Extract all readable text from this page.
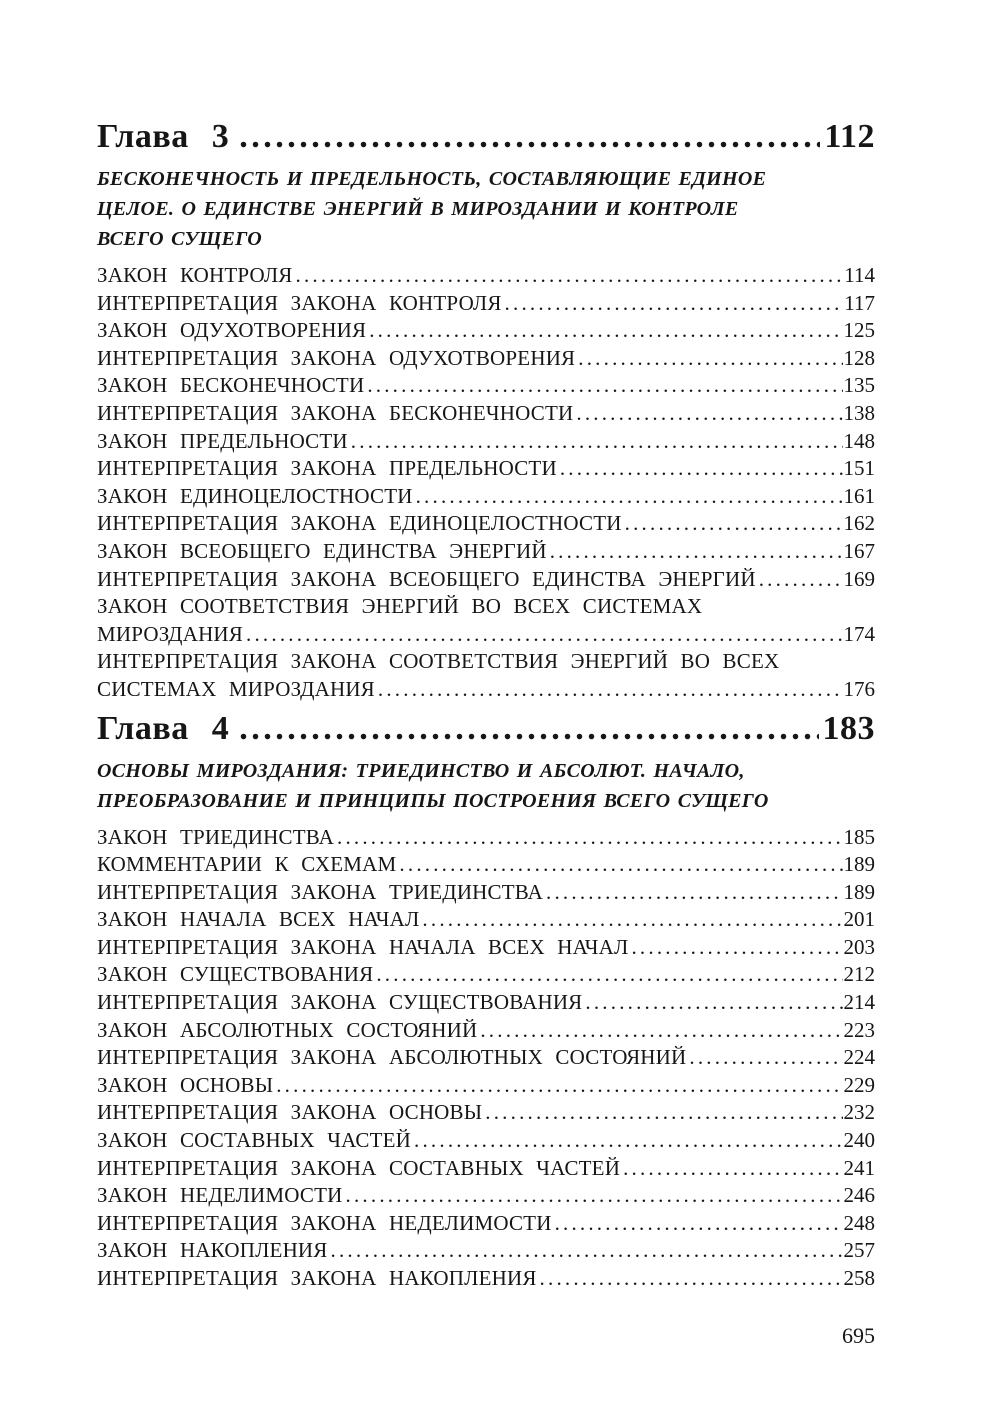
Глава 3 .....	112
БЕСКОНЕЧНОСТЬ И ПРЕДЕЛЬНОСТЬ, СОСТАВЛЯЮЩИЕ ЕДИНОЕ
ЦЕЛОЕ. О ЕДИНСТВЕ ЭНЕРГИЙ В МИРОЗДАНИИ И КОНТРОЛЕ
ВСЕГО СУЩЕГО
ЗАКОН КОНТРОЛЯ .....	114
ИНТЕРПРЕТАЦИЯ ЗАКОНА КОНТРОЛЯ .....	117
ЗАКОН ОДУХОТВОРЕНИЯ .....	125
ИНТЕРПРЕТАЦИЯ ЗАКОНА ОДУХОТВОРЕНИЯ .....	128
ЗАКОН БЕСКОНЕЧНОСТИ .....	135
ИНТЕРПРЕТАЦИЯ ЗАКОНА БЕСКОНЕЧНОСТИ .....	138
ЗАКОН ПРЕДЕЛЬНОСТИ .....	148
ИНТЕРПРЕТАЦИЯ ЗАКОНА ПРЕДЕЛЬНОСТИ .....	151
ЗАКОН ЕДИНОЦЕЛОСТНОСТИ .....	161
ИНТЕРПРЕТАЦИЯ ЗАКОНА ЕДИНОЦЕЛОСТНОСТИ .....	162
ЗАКОН ВСЕОБЩЕГО ЕДИНСТВА ЭНЕРГИЙ .....	167
ИНТЕРПРЕТАЦИЯ ЗАКОНА ВСЕОБЩЕГО ЕДИНСТВА ЭНЕРГИЙ .....	169
ЗАКОН СООТВЕТСТВИЯ ЭНЕРГИЙ ВО ВСЕХ СИСТЕМАХ
МИРОЗДАНИЯ .....	174
ИНТЕРПРЕТАЦИЯ ЗАКОНА СООТВЕТСТВИЯ ЭНЕРГИЙ ВО ВСЕХ
СИСТЕМАХ МИРОЗДАНИЯ .....	176
Глава 4 .....	183
ОСНОВЫ МИРОЗДАНИЯ: ТРИЕДИНСТВО И АБСОЛЮТ. НАЧАЛО,
ПРЕОБРАЗОВАНИЕ И ПРИНЦИПЫ ПОСТРОЕНИЯ ВСЕГО СУЩЕГО
ЗАКОН ТРИЕДИНСТВА .....	185
КОММЕНТАРИИ К СХЕМАМ .....	189
ИНТЕРПРЕТАЦИЯ ЗАКОНА ТРИЕДИНСТВА .....	189
ЗАКОН НАЧАЛА ВСЕХ НАЧАЛ .....	201
ИНТЕРПРЕТАЦИЯ ЗАКОНА НАЧАЛА ВСЕХ НАЧАЛ .....	203
ЗАКОН СУЩЕСТВОВАНИЯ .....	212
ИНТЕРПРЕТАЦИЯ ЗАКОНА СУЩЕСТВОВАНИЯ .....	214
ЗАКОН АБСОЛЮТНЫХ СОСТОЯНИЙ .....	223
ИНТЕРПРЕТАЦИЯ ЗАКОНА АБСОЛЮТНЫХ СОСТОЯНИЙ .....	224
ЗАКОН ОСНОВЫ .....	229
ИНТЕРПРЕТАЦИЯ ЗАКОНА ОСНОВЫ .....	232
ЗАКОН СОСТАВНЫХ ЧАСТЕЙ .....	240
ИНТЕРПРЕТАЦИЯ ЗАКОНА СОСТАВНЫХ ЧАСТЕЙ .....	241
ЗАКОН НЕДЕЛИМОСТИ .....	246
ИНТЕРПРЕТАЦИЯ ЗАКОНА НЕДЕЛИМОСТИ .....	248
ЗАКОН НАКОПЛЕНИЯ .....	257
ИНТЕРПРЕТАЦИЯ ЗАКОНА НАКОПЛЕНИЯ .....	258
695
